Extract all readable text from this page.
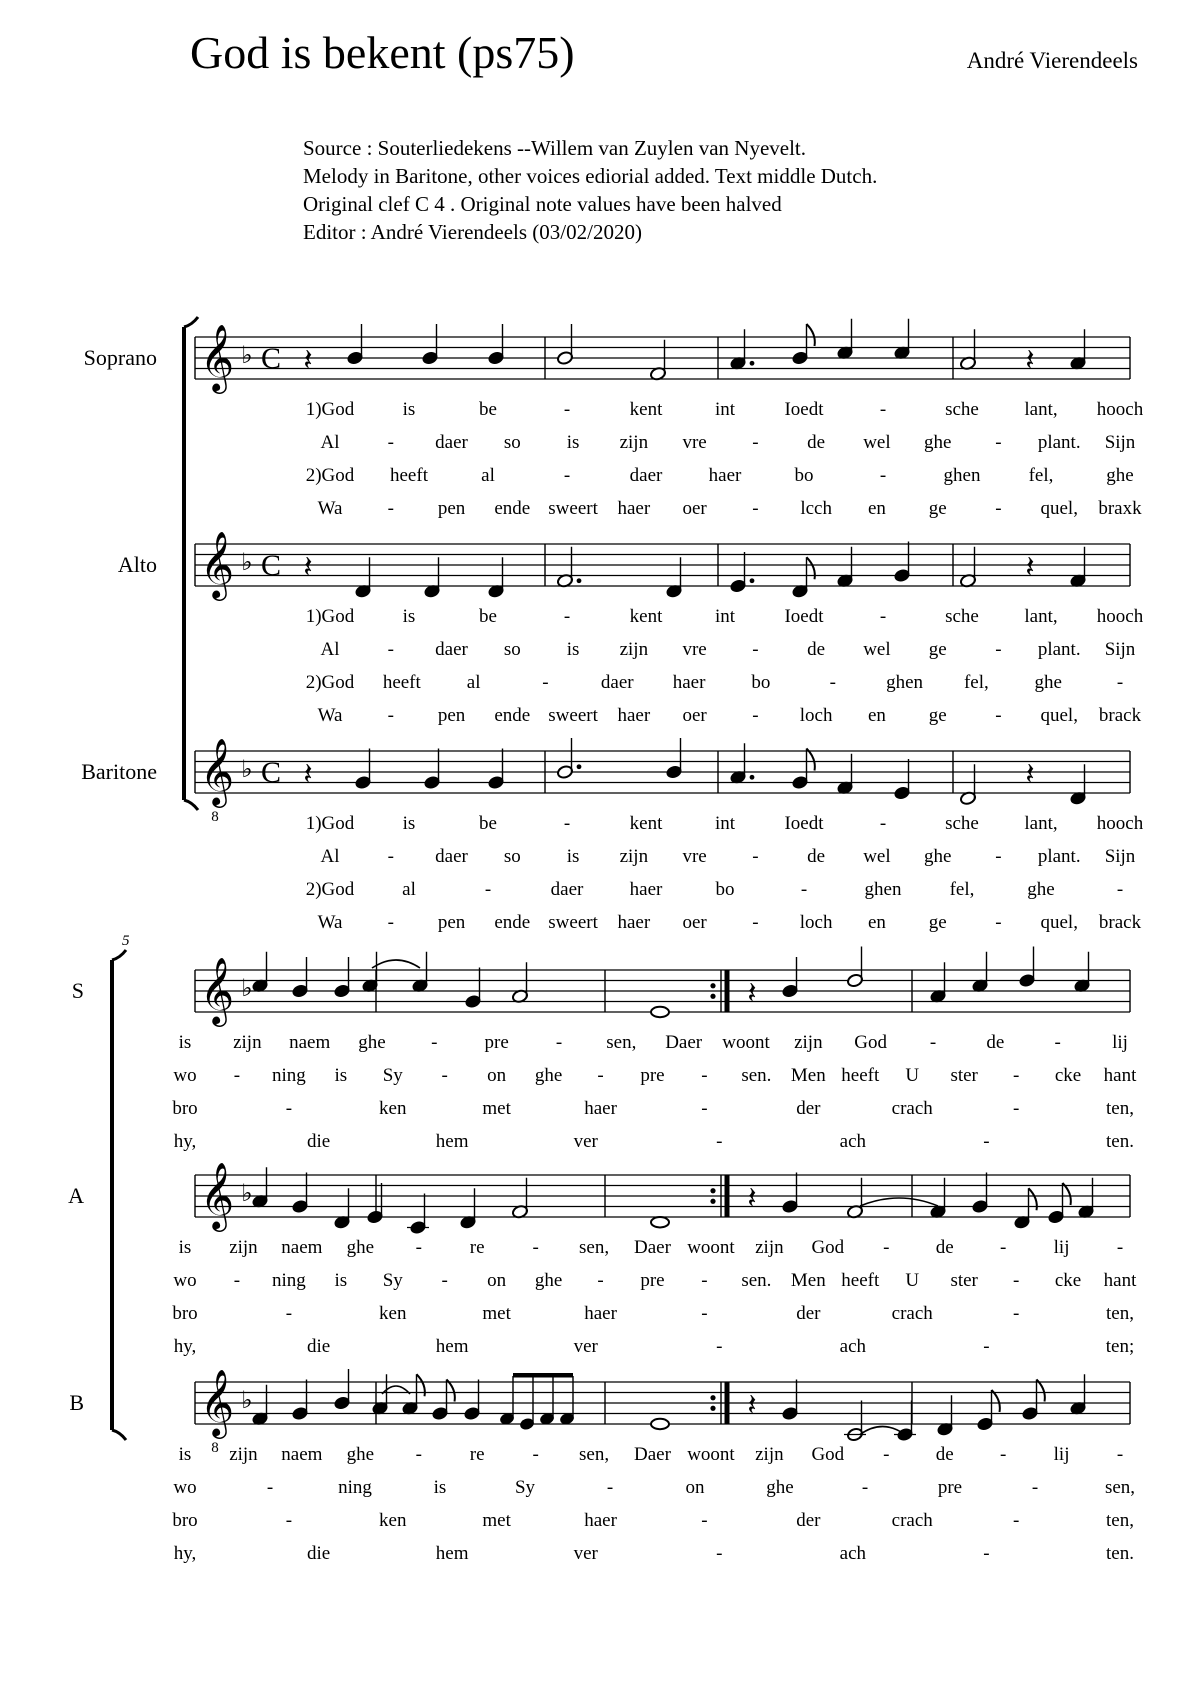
God is bekent (ps75)	André Vierendeels
Source : Souterliedekens --Willem van Zuylen van Nyevelt.
Melody in Baritone, other voices ediorial added. Text middle Dutch.
Original clef C 4 . Original note values have been halved
Editor : André Vierendeels (03/02/2020)
𝄞 ♭ C
Soprano
𝄞 ♭ C
Alto
𝄞
8
♭ C
Baritone
𝄽	𝄽
𝄽	𝄽
𝄽	𝄽
𝄞 ♭
S
𝄞 ♭
A
𝄞
8
♭
B
5
𝄽
𝄽
𝄽
1)God	is	be	-	kent	int	Ioedt	-	sche lant, hooch
Al	- daer so is zijn vre -	de wel ghe - plant. Sijn
2)God heeft	al	-	daer haer	bo	-	ghen	fel,	ghe
Wa - pen ende sweert haer oer - lcch en ge	- quel, braxk
1)God	is	be	-	kent	int	Ioedt	-	sche lant, hooch
Al	- daer so is zijn vre -	de wel ge	- plant. Sijn
2)God heeft al	-	daer haer bo	-	ghen fel, ghe	-
Wa - pen ende sweert haer oer - loch en ge	- quel, brack
1)God	is	be	-	kent	int	Ioedt	-	sche lant, hooch
Al	- daer so is zijn vre -	de wel ghe - plant. Sijn
2)God	al	-	daer haer	bo	-	ghen	fel,	ghe	-
Wa - pen ende sweert haer oer - loch en ge	- quel, brack
is zijn naem ghe - pre - sen, Daer woont zijn God -	de	-	lij
wo - ning is Sy - on ghe - pre - sen. Men heeft U ster - cke hant
bro	-	ken	met	haer	-	der	crach	-	ten,
hy,	die	hem	ver	-	ach	-	ten.
is zijn naem ghe -	re	- sen, Daer woont zijn God - de - lij -
wo - ning is Sy - on ghe - pre - sen. Men heeft U ster - cke hant
bro	-	ken	met	haer	-	der	crach	-	ten,
hy,	die	hem	ver	-	ach	-	ten;
is zijn naem ghe -	re	- sen, Daer woont zijn God - de - lij -
wo	-	ning	is	Sy	-	on	ghe	-	pre	-	sen,
bro	-	ken	met	haer	-	der	crach	-	ten,
hy,	die	hem	ver	-	ach	-	ten.
